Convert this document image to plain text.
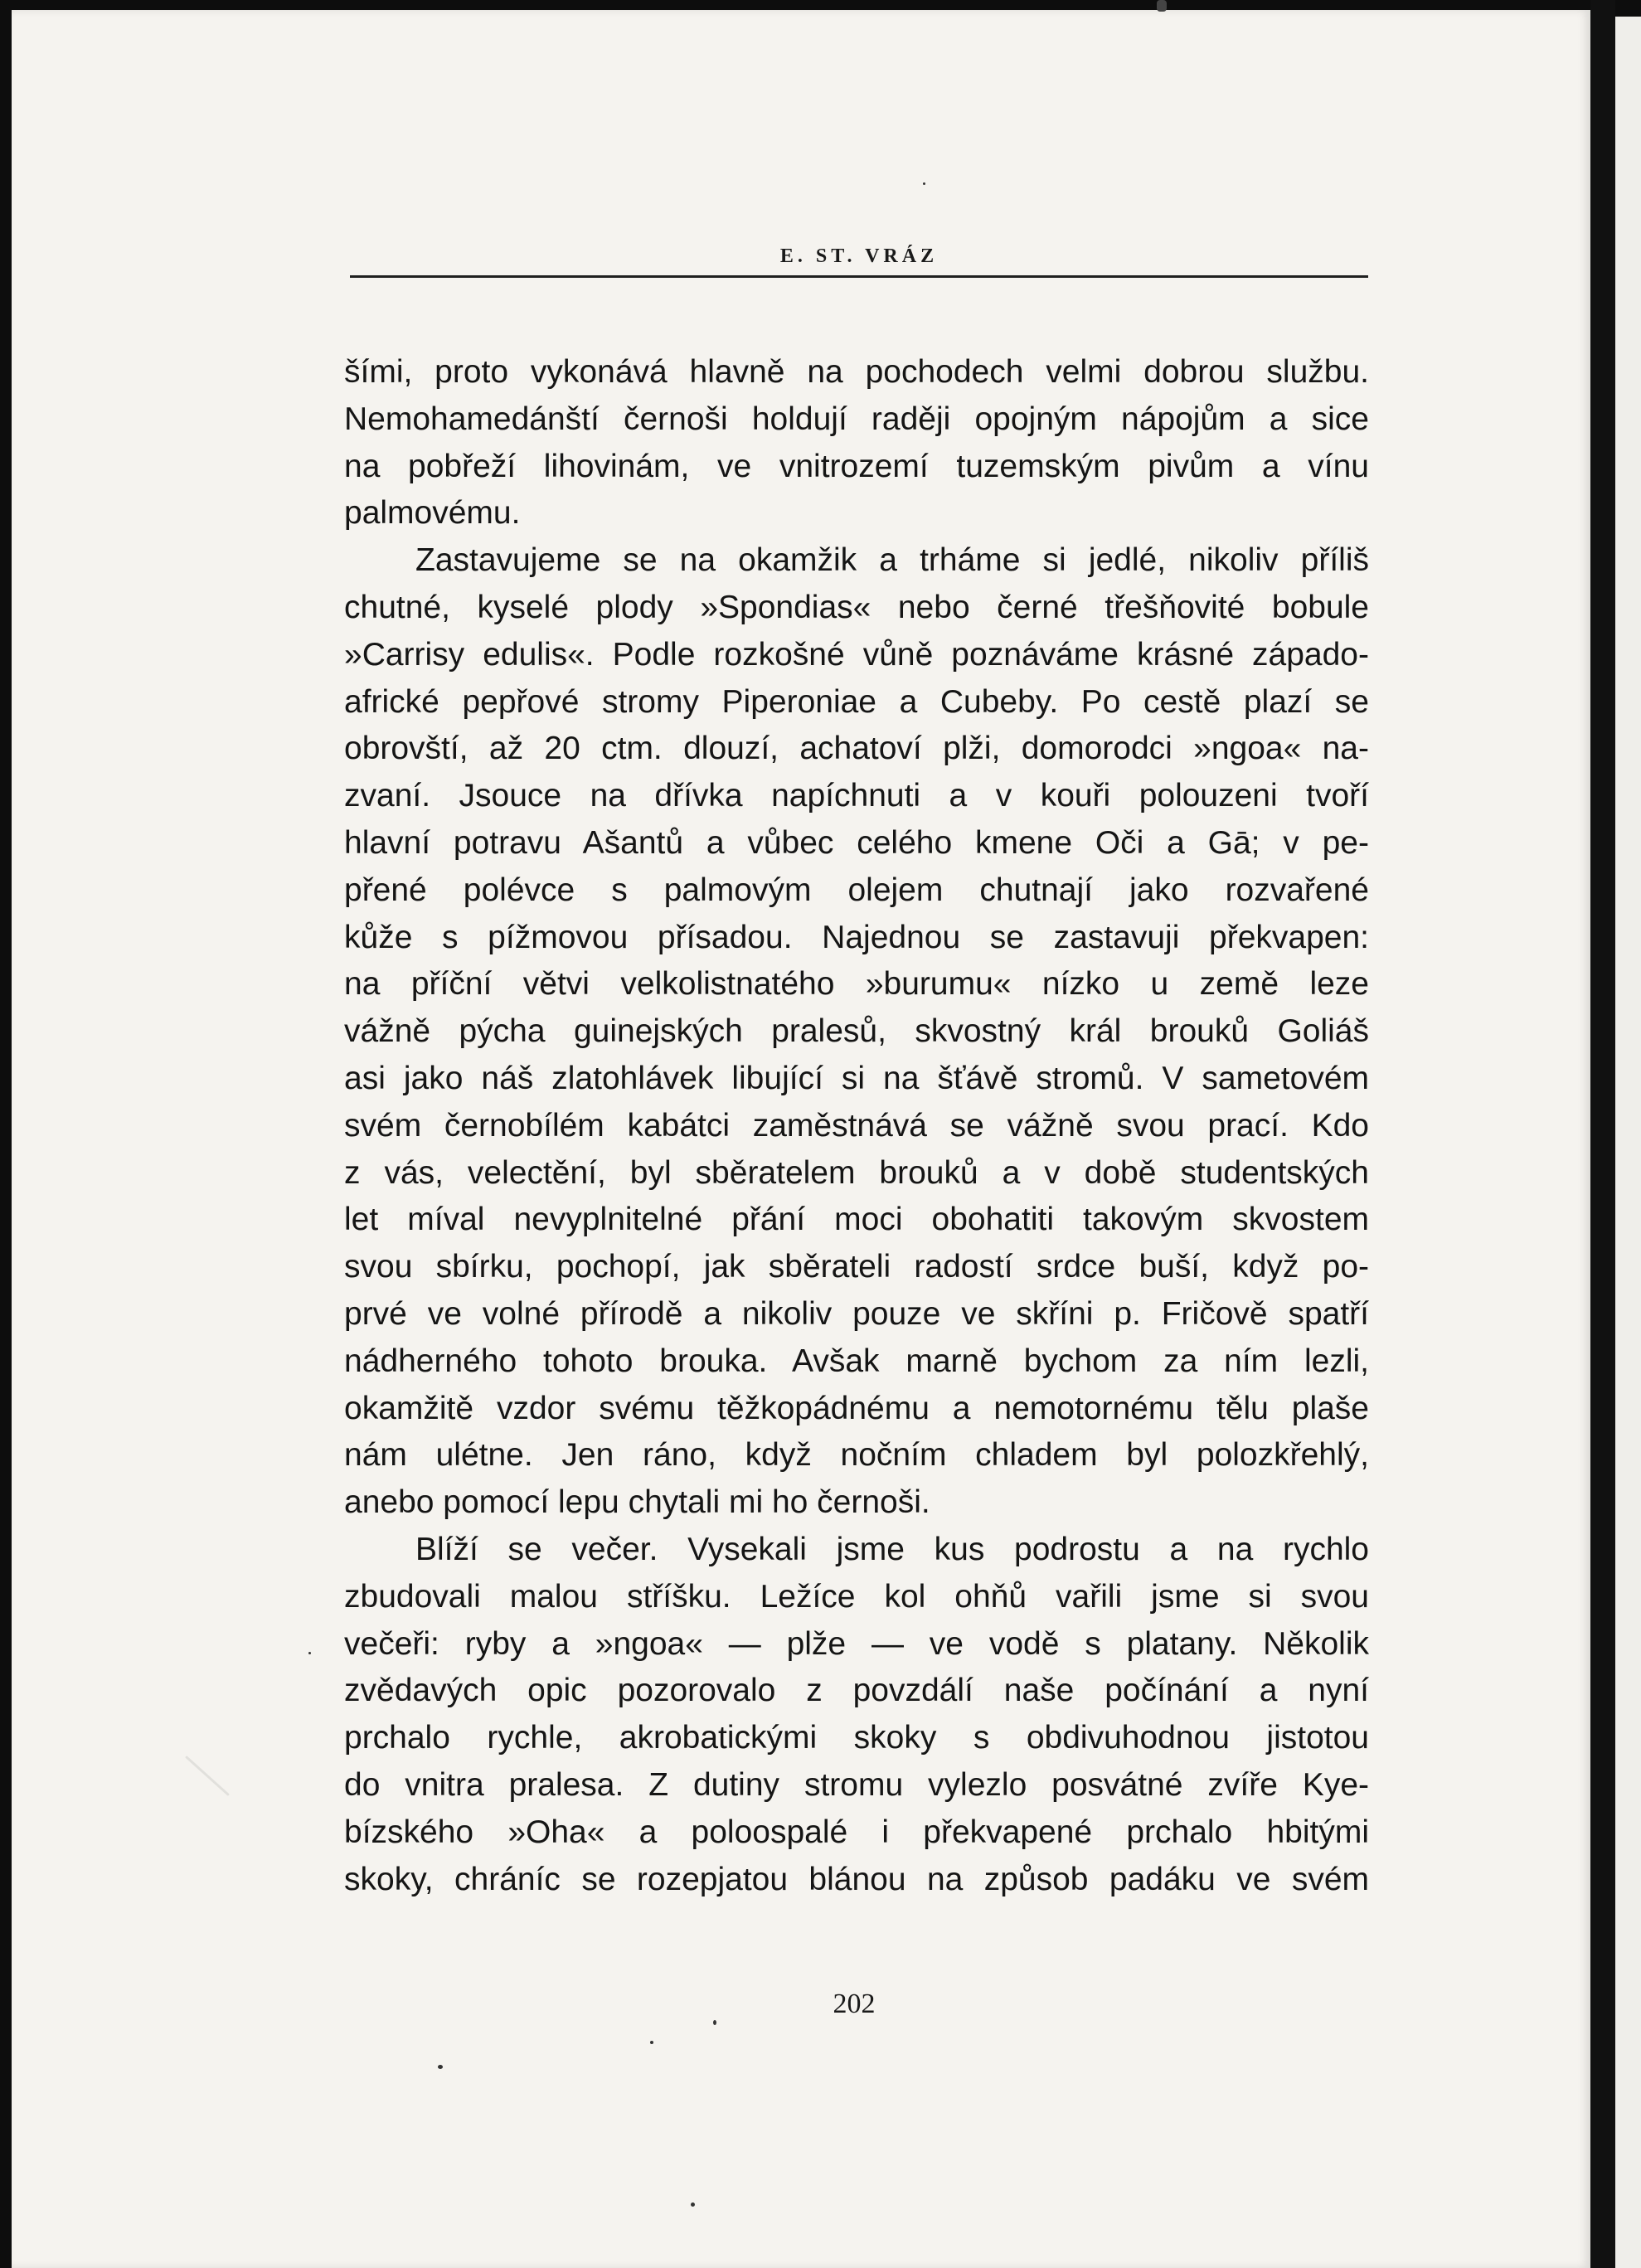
E. ST. VRÁZ
šími, proto vykonává hlavně na pochodech velmi dobrou službu.
Nemohamedánští černoši holdují raději opojným nápojům a sice
na pobřeží lihovinám, ve vnitrozemí tuzemským pivům a vínu
palmovému.
Zastavujeme se na okamžik a trháme si jedlé, nikoliv příliš
chutné, kyselé plody »Spondias« nebo černé třešňovité bobule
»Carrisy edulis«. Podle rozkošné vůně poznáváme krásné západo-
africké pepřové stromy Piperoniae a Cubeby. Po cestě plazí se
obrovští, až 20 ctm. dlouzí, achatoví plži, domorodci »ngoa« na-
zvaní. Jsouce na dřívka napíchnuti a v kouři polouzeni tvoří
hlavní potravu Ašantů a vůbec celého kmene Oči a Gā; v pe-
přené polévce s palmovým olejem chutnají jako rozvařené
kůže s pížmovou přísadou. Najednou se zastavuji překvapen:
na příční větvi velkolistnatého »burumu« nízko u země leze
vážně pýcha guinejských pralesů, skvostný král brouků Goliáš
asi jako náš zlatohlávek libující si na šťávě stromů. V sametovém
svém černobílém kabátci zaměstnává se vážně svou prací. Kdo
z vás, velectění, byl sběratelem brouků a v době studentských
let míval nevyplnitelné přání moci obohatiti takovým skvostem
svou sbírku, pochopí, jak sběrateli radostí srdce buší, když po-
prvé ve volné přírodě a nikoliv pouze ve skříni p. Fričově spatří
nádherného tohoto brouka. Avšak marně bychom za ním lezli,
okamžitě vzdor svému těžkopádnému a nemotornému tělu plaše
nám ulétne. Jen ráno, když nočním chladem byl polozkřehlý,
anebo pomocí lepu chytali mi ho černoši.
Blíží se večer. Vysekali jsme kus podrostu a na rychlo
zbudovali malou stříšku. Ležíce kol ohňů vařili jsme si svou
večeři: ryby a »ngoa« — plže — ve vodě s platany. Několik
zvědavých opic pozorovalo z povzdálí naše počínání a nyní
prchalo rychle, akrobatickými skoky s obdivuhodnou jistotou
do vnitra pralesa. Z dutiny stromu vylezlo posvátné zvíře Kye-
bízského »Oha« a poloospalé i překvapené prchalo hbitými
skoky, chráníc se rozepjatou blánou na způsob padáku ve svém
202
